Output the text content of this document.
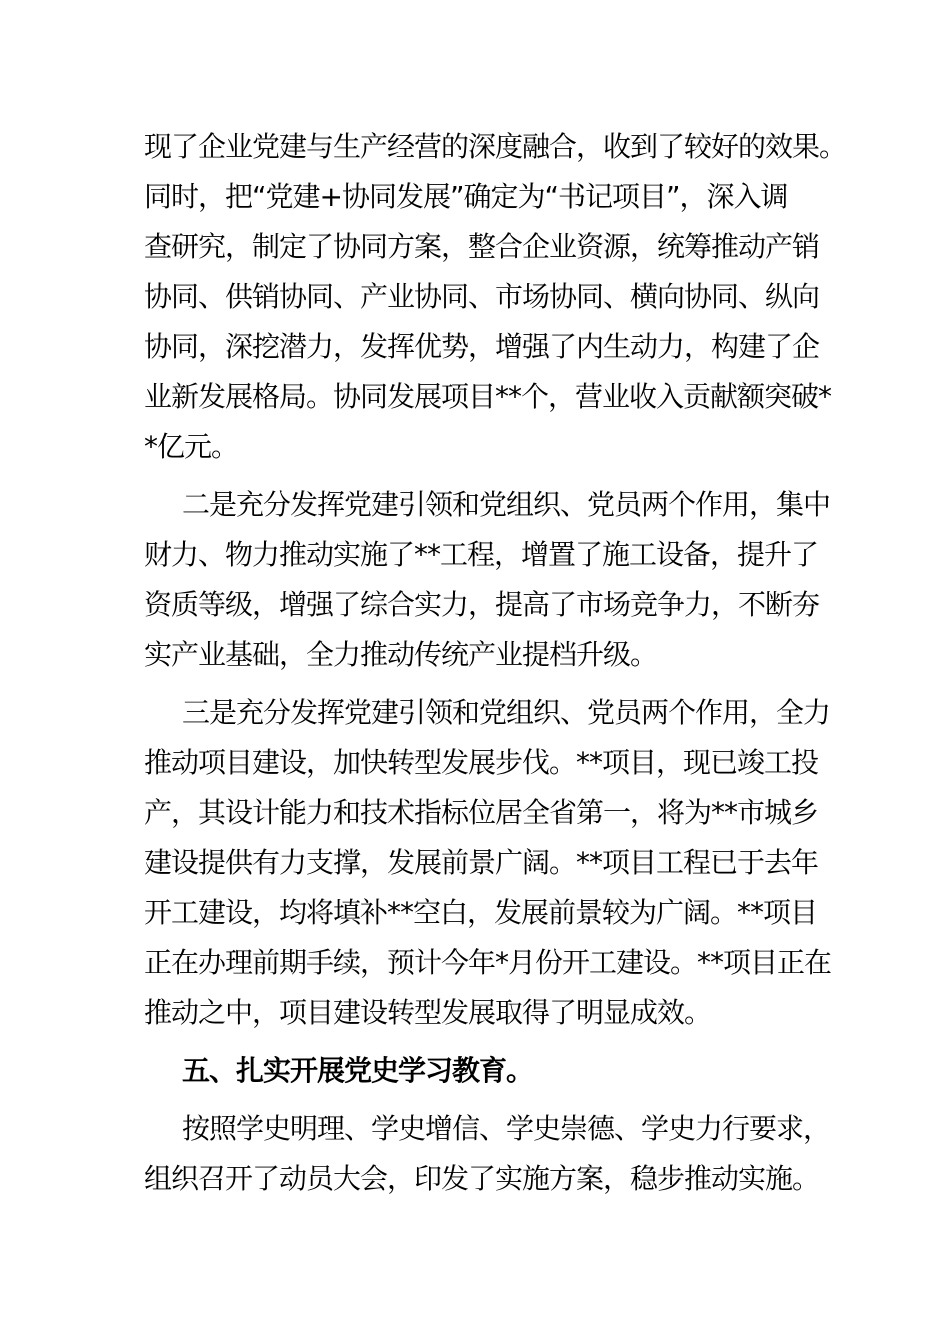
现了企业党建与生产经营的深度融合，收到了较好的效果。
同时，把“党建+协同发展”确定为“书记项目”，深入调
查研究，制定了协同方案，整合企业资源，统筹推动产销
协同、供销协同、产业协同、市场协同、横向协同、纵向
协同，深挖潜力，发挥优势，增强了内生动力，构建了企
业新发展格局。协同发展项目**个，营业收入贡献额突破*
*亿元。
二是充分发挥党建引领和党组织、党员两个作用，集中
财力、物力推动实施了**工程，增置了施工设备，提升了
资质等级，增强了综合实力，提高了市场竞争力，不断夯
实产业基础，全力推动传统产业提档升级。
三是充分发挥党建引领和党组织、党员两个作用，全力
推动项目建设，加快转型发展步伐。**项目，现已竣工投
产，其设计能力和技术指标位居全省第一，将为**市城乡
建设提供有力支撑，发展前景广阔。**项目工程已于去年
开工建设，均将填补**空白，发展前景较为广阔。**项目
正在办理前期手续，预计今年*月份开工建设。**项目正在
推动之中，项目建设转型发展取得了明显成效。
五、扎实开展党史学习教育。
按照学史明理、学史增信、学史崇德、学史力行要求，
组织召开了动员大会，印发了实施方案，稳步推动实施。
